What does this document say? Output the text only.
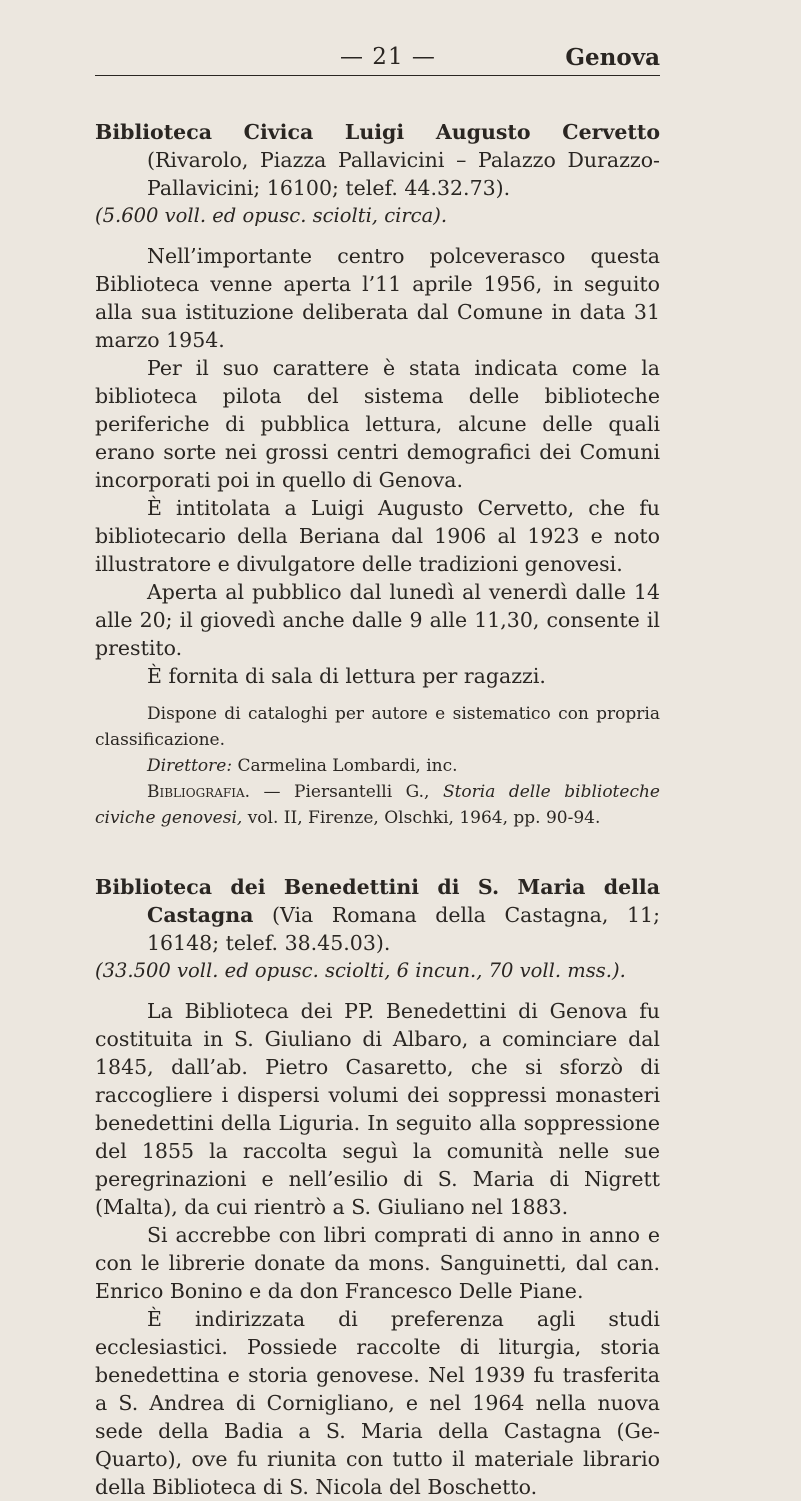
— 21 —	Genova

Biblioteca Civica Luigi Augusto Cervetto (Rivarolo, Piazza Pallavicini – Palazzo Durazzo-Pallavicini; 16100; telef. 44.32.73).

(5.600 voll. ed opusc. sciolti, circa).

Nell’importante centro polceverasco questa Biblioteca venne aperta l’11 aprile 1956, in seguito alla sua istituzione deliberata dal Comune in data 31 marzo 1954.

Per il suo carattere è stata indicata come la biblioteca pilota del sistema delle biblioteche periferiche di pubblica lettura, alcune delle quali erano sorte nei grossi centri demografici dei Comuni incorporati poi in quello di Genova.

È intitolata a Luigi Augusto Cervetto, che fu bibliotecario della Beriana dal 1906 al 1923 e noto illustratore e divulgatore delle tradizioni genovesi.

Aperta al pubblico dal lunedì al venerdì dalle 14 alle 20; il giovedì anche dalle 9 alle 11,30, consente il prestito.

È fornita di sala di lettura per ragazzi.

Dispone di cataloghi per autore e sistematico con propria classificazione.

Direttore: Carmelina Lombardi, inc.

Bibliografia. — Piersantelli G., Storia delle biblioteche civiche genovesi, vol. II, Firenze, Olschki, 1964, pp. 90-94.

Biblioteca dei Benedettini di S. Maria della Castagna (Via Romana della Castagna, 11; 16148; telef. 38.45.03).

(33.500 voll. ed opusc. sciolti, 6 incun., 70 voll. mss.).

La Biblioteca dei PP. Benedettini di Genova fu costituita in S. Giuliano di Albaro, a cominciare dal 1845, dall’ab. Pietro Casaretto, che si sforzò di raccogliere i dispersi volumi dei soppressi monasteri benedettini della Liguria. In seguito alla soppressione del 1855 la raccolta seguì la comunità nelle sue peregrinazioni e nell’esilio di S. Maria di Nigrett (Malta), da cui rientrò a S. Giuliano nel 1883.

Si accrebbe con libri comprati di anno in anno e con le librerie donate da mons. Sanguinetti, dal can. Enrico Bonino e da don Francesco Delle Piane.

È indirizzata di preferenza agli studi ecclesiastici. Possiede raccolte di liturgia, storia benedettina e storia genovese. Nel 1939 fu trasferita a S. Andrea di Cornigliano, e nel 1964 nella nuova sede della Badia a S. Maria della Castagna (Ge-Quarto), ove fu riunita con tutto il materiale librario della Biblioteca di S. Nicola del Boschetto.
